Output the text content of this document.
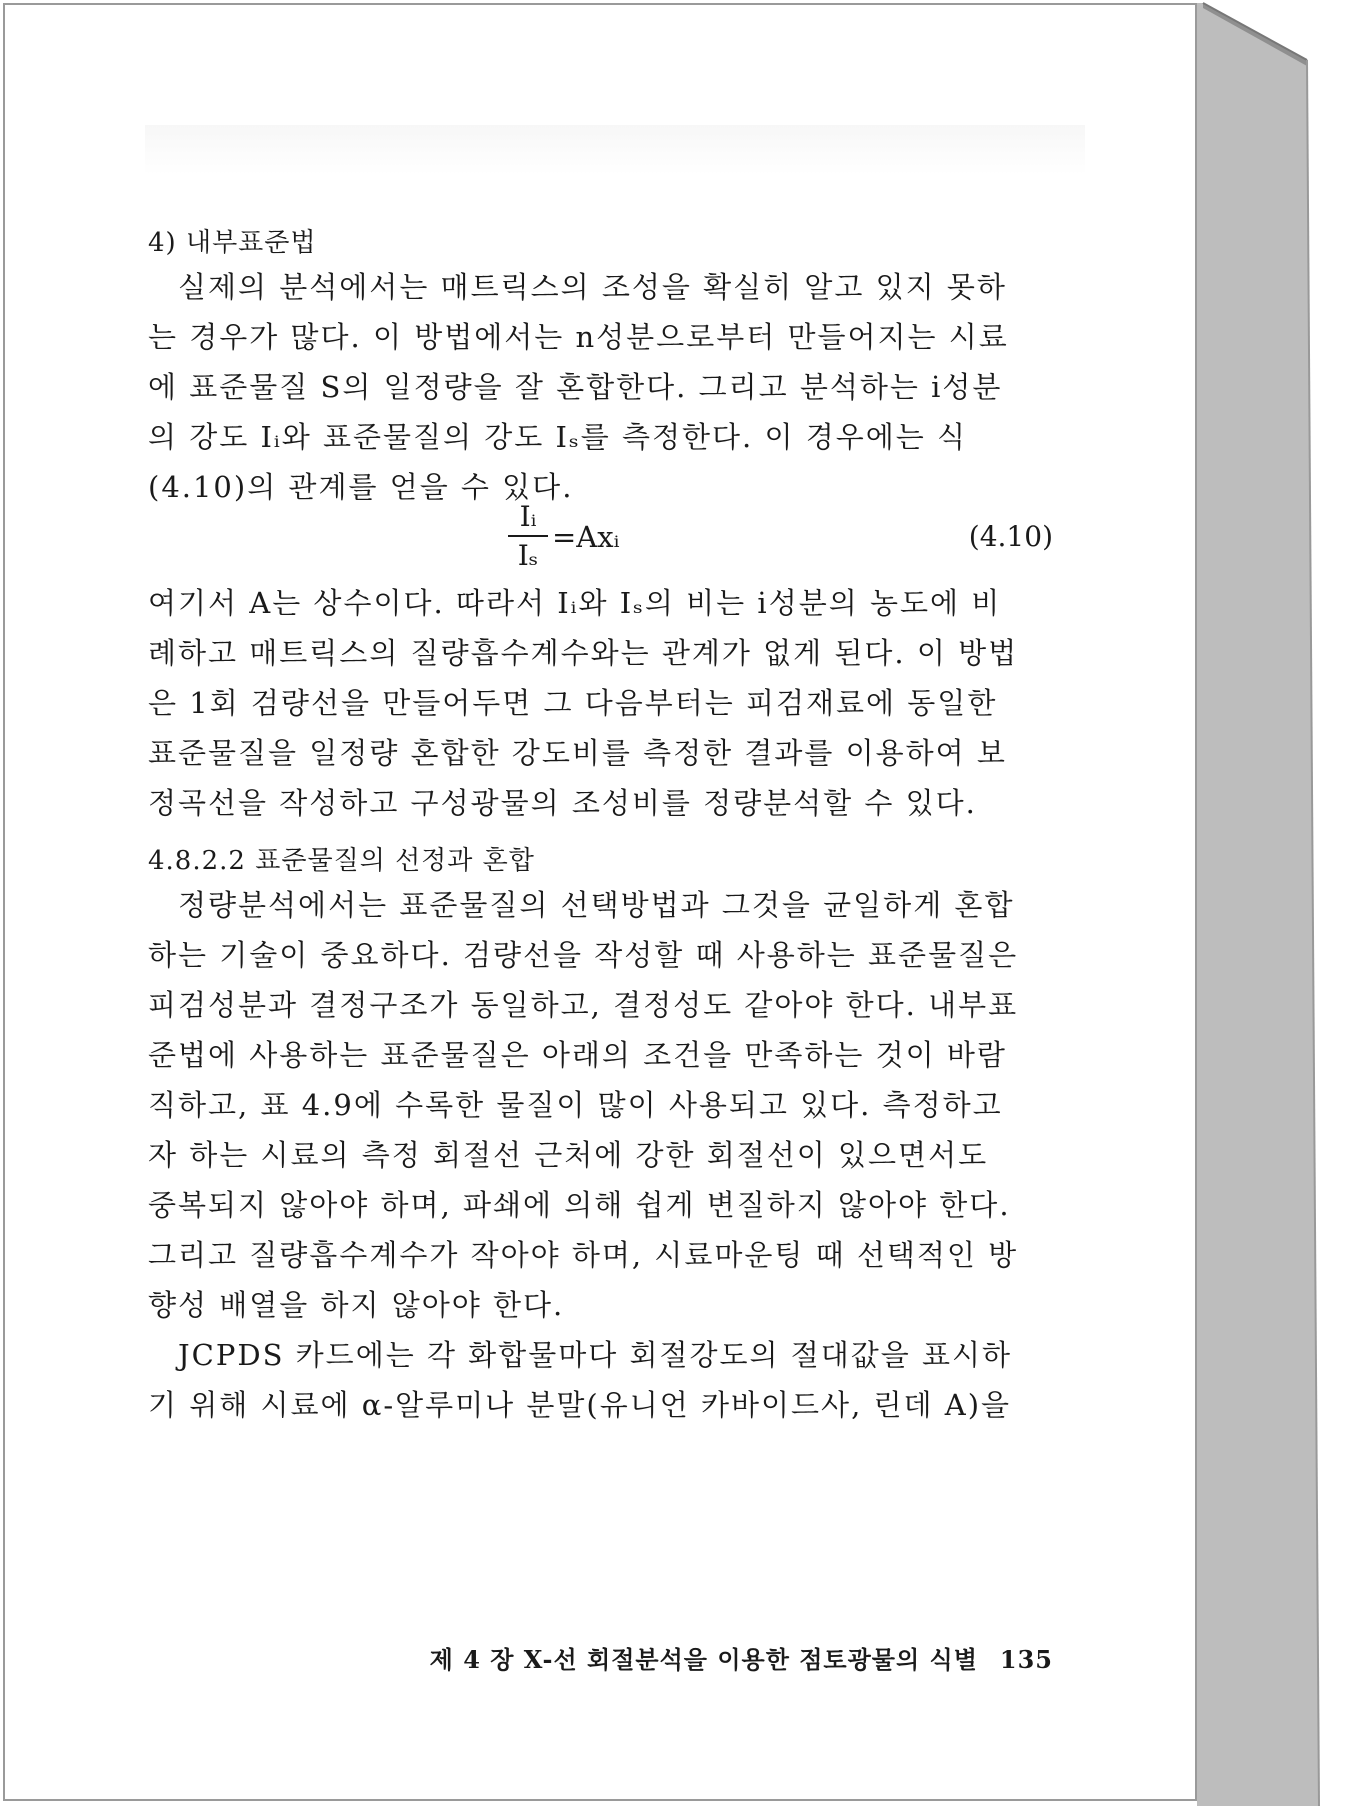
4) 내부표준법

실제의 분석에서는 매트릭스의 조성을 확실히 알고 있지 못하
는 경우가 많다. 이 방법에서는 n성분으로부터 만들어지는 시료
에 표준물질 S의 일정량을 잘 혼합한다. 그리고 분석하는 i성분
의 강도 Iᵢ와 표준물질의 강도 Iₛ를 측정한다. 이 경우에는 식
(4.10)의 관계를 얻을 수 있다.

$\frac{\text{Iᵢ}}{\text{Iₛ}}$ =Axᵢ	(4.10)

여기서 A는 상수이다. 따라서 Iᵢ와 Iₛ의 비는 i성분의 농도에 비
례하고 매트릭스의 질량흡수계수와는 관계가 없게 된다. 이 방법
은 1회 검량선을 만들어두면 그 다음부터는 피검재료에 동일한
표준물질을 일정량 혼합한 강도비를 측정한 결과를 이용하여 보
정곡선을 작성하고 구성광물의 조성비를 정량분석할 수 있다.

4.8.2.2 표준물질의 선정과 혼합

정량분석에서는 표준물질의 선택방법과 그것을 균일하게 혼합
하는 기술이 중요하다. 검량선을 작성할 때 사용하는 표준물질은
피검성분과 결정구조가 동일하고, 결정성도 같아야 한다. 내부표
준법에 사용하는 표준물질은 아래의 조건을 만족하는 것이 바람
직하고, 표 4.9에 수록한 물질이 많이 사용되고 있다. 측정하고
자 하는 시료의 측정 회절선 근처에 강한 회절선이 있으면서도
중복되지 않아야 하며, 파쇄에 의해 쉽게 변질하지 않아야 한다.
그리고 질량흡수계수가 작아야 하며, 시료마운팅 때 선택적인 방
향성 배열을 하지 않아야 한다.

JCPDS 카드에는 각 화합물마다 회절강도의 절대값을 표시하
기 위해 시료에 α-알루미나 분말(유니언 카바이드사, 린데 A)을

제 4 장 X-선 회절분석을 이용한 점토광물의 식별 135
